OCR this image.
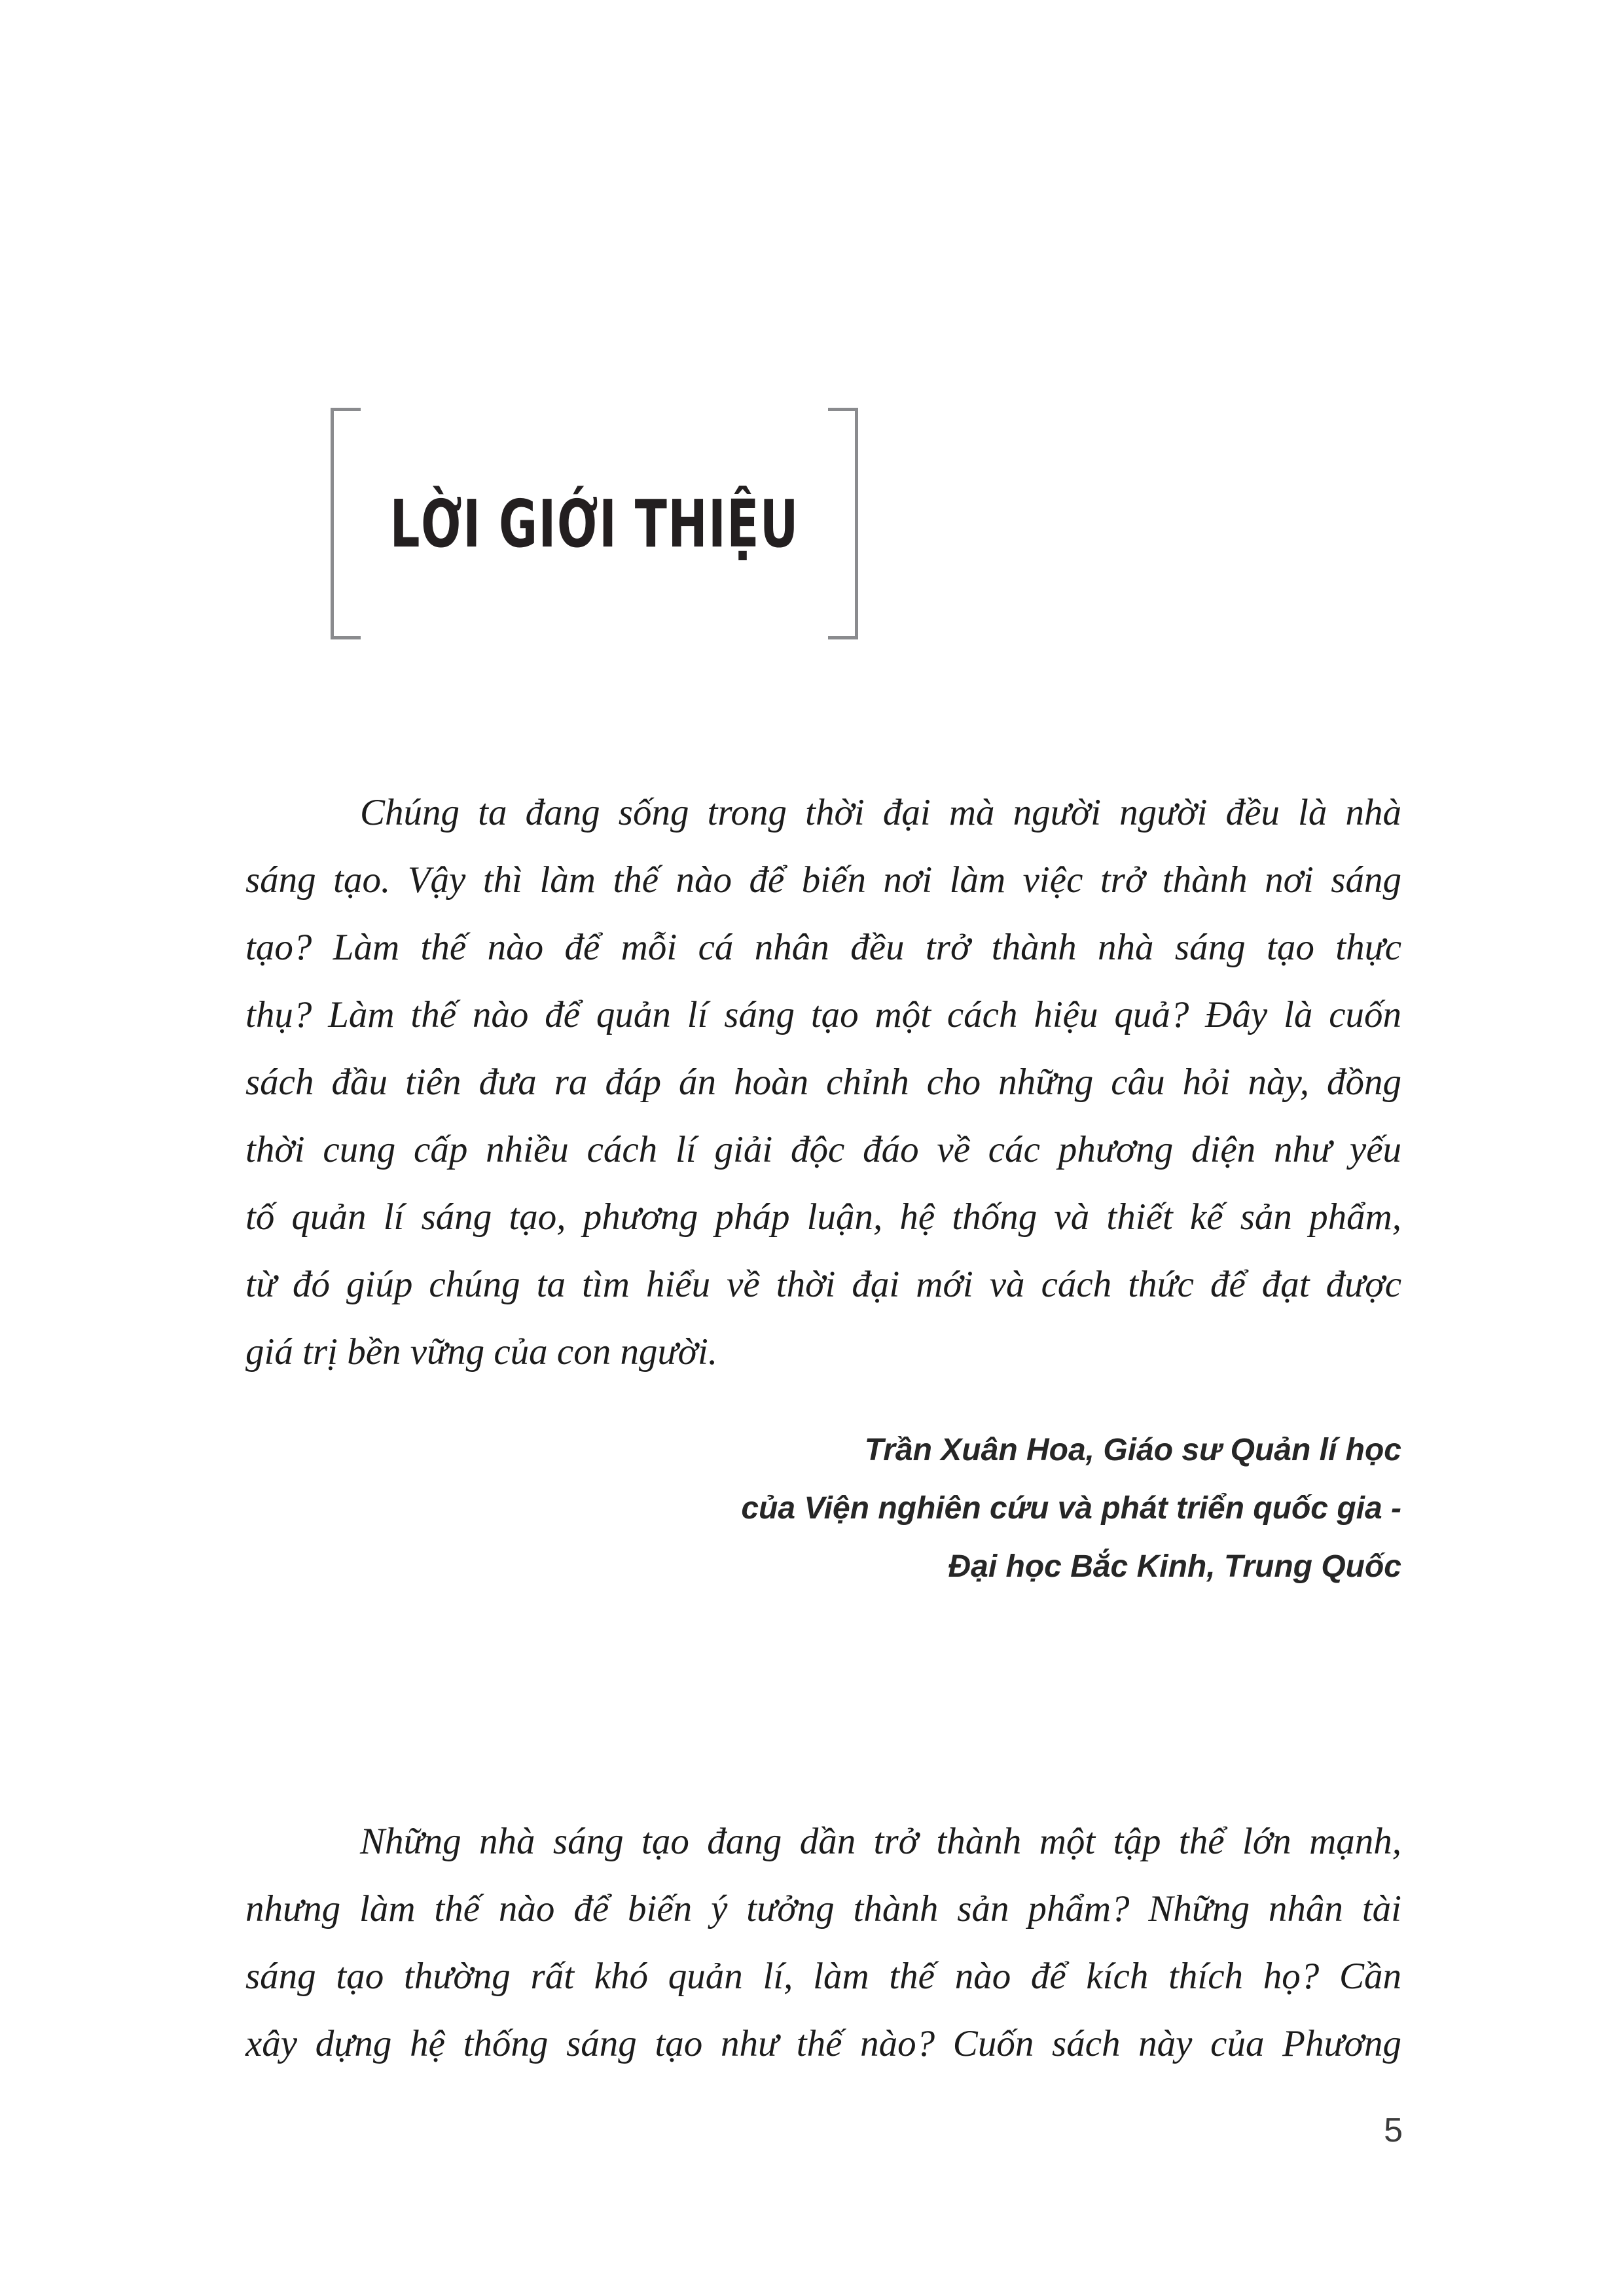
LỜI GIỚI THIỆU
Chúng ta đang sống trong thời đại mà người người đều là nhà
sáng tạo. Vậy thì làm thế nào để biến nơi làm việc trở thành nơi sáng
tạo? Làm thế nào để mỗi cá nhân đều trở thành nhà sáng tạo thực
thụ? Làm thế nào để quản lí sáng tạo một cách hiệu quả? Đây là cuốn
sách đầu tiên đưa ra đáp án hoàn chỉnh cho những câu hỏi này, đồng
thời cung cấp nhiều cách lí giải độc đáo về các phương diện như yếu
tố quản lí sáng tạo, phương pháp luận, hệ thống và thiết kế sản phẩm,
từ đó giúp chúng ta tìm hiểu về thời đại mới và cách thức để đạt được
giá trị bền vững của con người.
Trần Xuân Hoa, Giáo sư Quản lí học
của Viện nghiên cứu và phát triển quốc gia -
Đại học Bắc Kinh, Trung Quốc
Những nhà sáng tạo đang dần trở thành một tập thể lớn mạnh,
nhưng làm thế nào để biến ý tưởng thành sản phẩm? Những nhân tài
sáng tạo thường rất khó quản lí, làm thế nào để kích thích họ? Cần
xây dựng hệ thống sáng tạo như thế nào? Cuốn sách này của Phương
5
